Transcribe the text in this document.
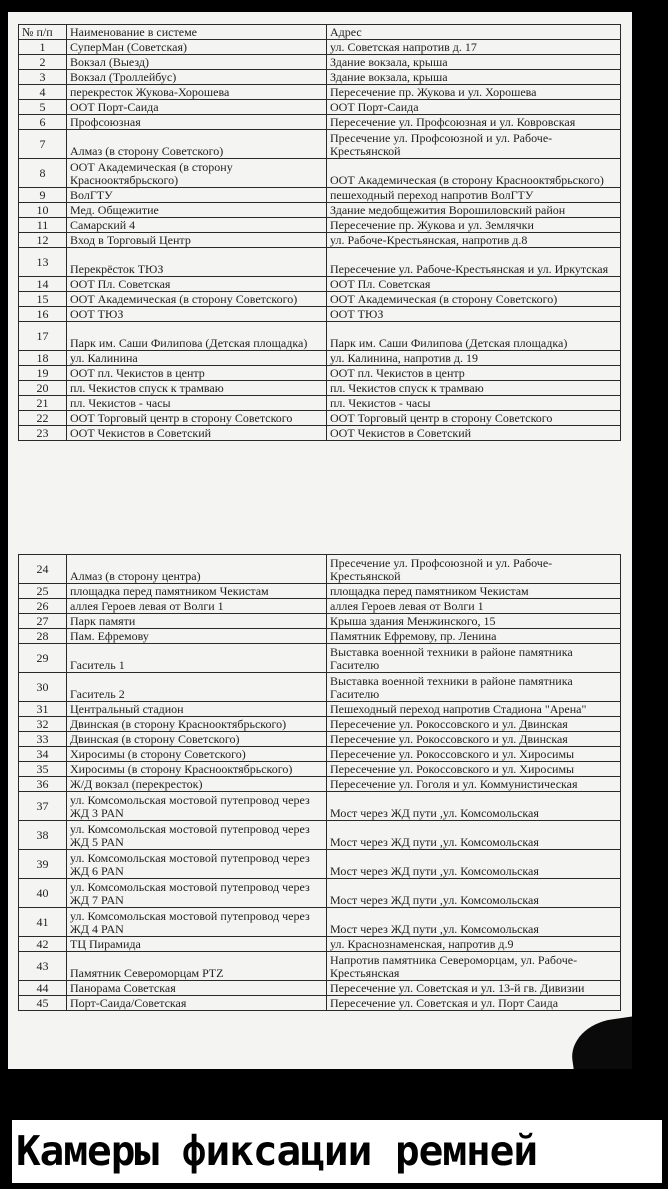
№ п/п	Наименование в системе	Адрес
1	СуперМан (Советская)	ул. Советская напротив д. 17
2	Вокзал (Выезд)	Здание вокзала, крыша
3	Вокзал (Троллейбус)	Здание вокзала, крыша
4	перекресток Жукова-Хорошева	Пересечение пр. Жукова и ул. Хорошева
5	ООТ Порт-Саида	ООТ Порт-Саида
6	Профсоюзная	Пересечение ул. Профсоюзная и ул. Ковровская
7	Алмаз (в сторону Советского)	Пресечение ул. Профсоюзной и ул. Рабоче-Крестьянской
8	ООТ Академическая (в сторону Краснооктябрьского)	ООТ Академическая (в сторону Краснооктябрьского)
9	ВолГТУ	пешеходный переход напротив ВолГТУ
10	Мед. Общежитие	Здание медобщежития Ворошиловский район
11	Самарский 4	Пересечение пр. Жукова и ул. Землячки
12	Вход в Торговый Центр	ул. Рабоче-Крестьянская, напротив д.8
13	Перекрёсток ТЮЗ	Пересечение ул. Рабоче-Крестьянская и ул. Иркутская
14	ООТ Пл. Советская	ООТ Пл. Советская
15	ООТ Академическая (в сторону Советского)	ООТ Академическая (в сторону Советского)
16	ООТ ТЮЗ	ООТ ТЮЗ
17	Парк им. Саши Филипова (Детская площадка)	Парк им. Саши Филипова (Детская площадка)
18	ул. Калинина	ул. Калинина, напротив д. 19
19	ООТ пл. Чекистов в центр	ООТ пл. Чекистов в центр
20	пл. Чекистов спуск к трамваю	пл. Чекистов спуск к трамваю
21	пл. Чекистов - часы	пл. Чекистов - часы
22	ООТ Торговый центр в сторону Советского	ООТ Торговый центр в сторону Советского
23	ООТ Чекистов в Советский	ООТ Чекистов в Советский
24	Алмаз (в сторону центра)	Пресечение ул. Профсоюзной и ул. Рабоче-Крестьянской
25	площадка перед памятником Чекистам	площадка перед памятником Чекистам
26	аллея Героев левая от Волги 1	аллея Героев левая от Волги 1
27	Парк памяти	Крыша здания Менжинского, 15
28	Пам. Ефремову	Памятник Ефремову, пр. Ленина
29	Гаситель 1	Выставка военной техники в районе памятника Гасителю
30	Гаситель 2	Выставка военной техники в районе памятника Гасителю
31	Центральный стадион	Пешеходный переход напротив Стадиона "Арена"
32	Двинская (в сторону Краснооктябрьского)	Пересечение ул. Рокоссовского и ул. Двинская
33	Двинская (в сторону Советского)	Пересечение ул. Рокоссовского и ул. Двинская
34	Хиросимы (в сторону Советского)	Пересечение ул. Рокоссовского и ул. Хиросимы
35	Хиросимы (в сторону Краснооктябрьского)	Пересечение ул. Рокоссовского и ул. Хиросимы
36	Ж/Д вокзал (перекресток)	Пересечение ул. Гоголя и ул. Коммунистическая
37	ул. Комсомольская мостовой путепровод через ЖД 3 PAN	Мост через ЖД пути ,ул. Комсомольская
38	ул. Комсомольская мостовой путепровод через ЖД 5 PAN	Мост через ЖД пути ,ул. Комсомольская
39	ул. Комсомольская мостовой путепровод через ЖД 6 PAN	Мост через ЖД пути ,ул. Комсомольская
40	ул. Комсомольская мостовой путепровод через ЖД 7 PAN	Мост через ЖД пути ,ул. Комсомольская
41	ул. Комсомольская мостовой путепровод через ЖД 4 PAN	Мост через ЖД пути ,ул. Комсомольская
42	ТЦ Пирамида	ул. Краснознаменская, напротив д.9
43	Памятник Североморцам PTZ	Напротив памятника Североморцам, ул. Рабоче-Крестьянская
44	Панорама Советская	Пересечение ул. Советская и ул. 13-й гв. Дивизии
45	Порт-Саида/Советская	Пересечение ул. Советская и ул. Порт Саида
Камеры фиксации ремней
